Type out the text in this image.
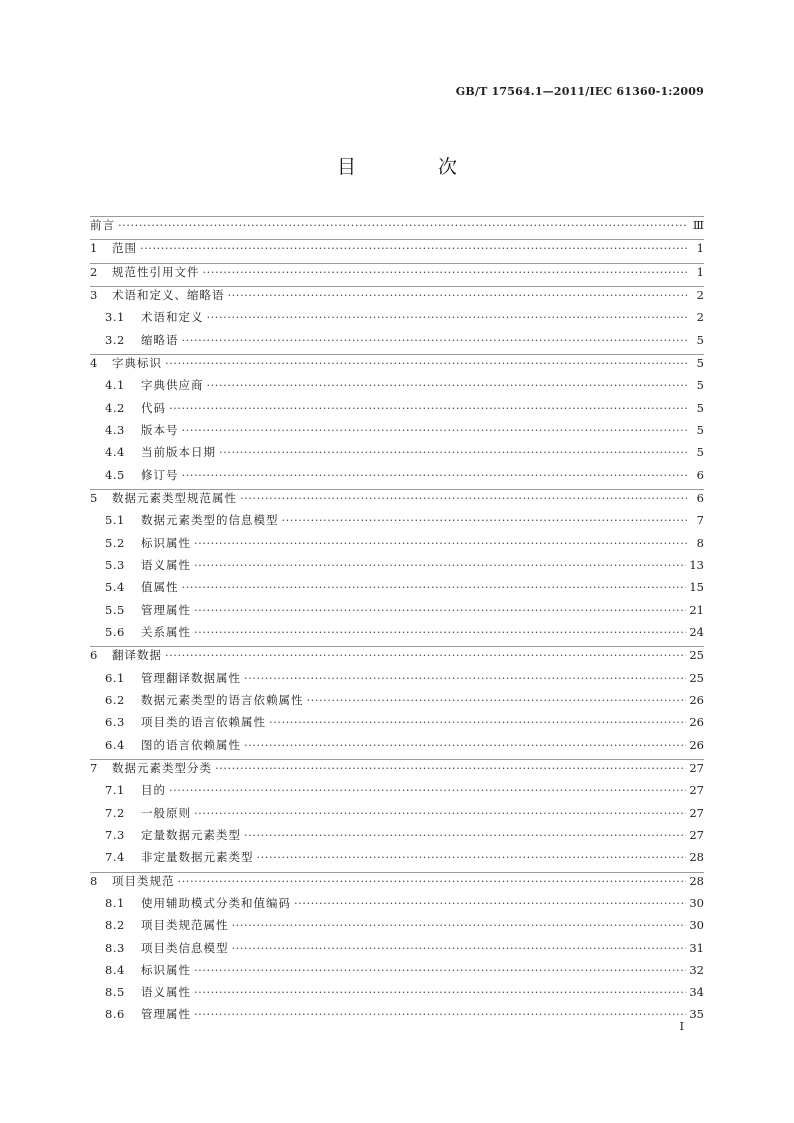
GB/T 17564.1—2011/IEC 61360-1:2009
目 次
前言 ·····	Ⅲ
1	范围 ·····	1
2	规范性引用文件 ·····	1
3	术语和定义、缩略语 ·····	2
3.1	术语和定义 ·····	2
3.2	缩略语 ·····	5
4	字典标识 ·····	5
4.1	字典供应商 ·····	5
4.2	代码 ·····	5
4.3	版本号 ·····	5
4.4	当前版本日期 ·····	5
4.5	修订号 ·····	6
5	数据元素类型规范属性 ·····	6
5.1	数据元素类型的信息模型 ·····	7
5.2	标识属性 ·····	8
5.3	语义属性 ·····	13
5.4	值属性 ·····	15
5.5	管理属性 ·····	21
5.6	关系属性 ·····	24
6	翻译数据 ·····	25
6.1	管理翻译数据属性 ·····	25
6.2	数据元素类型的语言依赖属性 ·····	26
6.3	项目类的语言依赖属性 ·····	26
6.4	图的语言依赖属性 ·····	26
7	数据元素类型分类 ·····	27
7.1	目的 ·····	27
7.2	一般原则 ·····	27
7.3	定量数据元素类型 ·····	27
7.4	非定量数据元素类型 ·····	28
8	项目类规范 ·····	28
8.1	使用辅助模式分类和值编码 ·····	30
8.2	项目类规范属性 ·····	30
8.3	项目类信息模型 ·····	31
8.4	标识属性 ·····	32
8.5	语义属性 ·····	34
8.6	管理属性 ·····	35
I
